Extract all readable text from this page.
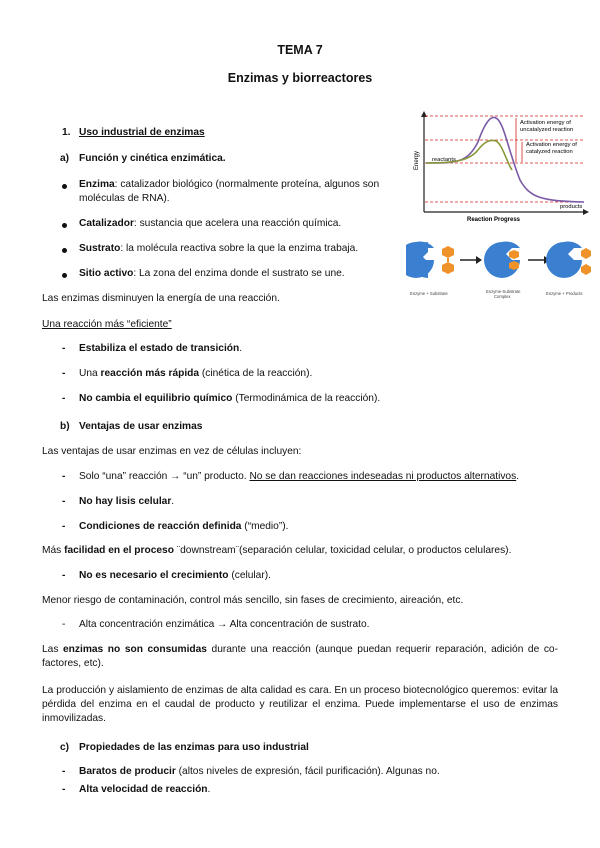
TEMA 7
Enzimas y biorreactores
1. Uso industrial de enzimas
a) Función y cinética enzimática.
Enzima: catalizador biológico (normalmente proteína, algunos son moléculas de RNA).
Catalizador: sustancia que acelera una reacción química.
Sustrato: la molécula reactiva sobre la que la enzima trabaja.
Sitio activo: La zona del enzima donde el sustrato se une.
Las enzimas disminuyen la energía de una reacción.
Una reacción más “eficiente”
- Estabiliza el estado de transición.
- Una reacción más rápida (cinética de la reacción).
- No cambia el equilibrio químico (Termodinámica de la reacción).
b) Ventajas de usar enzimas
Las ventajas de usar enzimas en vez de células incluyen:
- Solo “una” reacción → “un” producto. No se dan reacciones indeseadas ni productos alternativos.
- No hay lisis celular.
- Condiciones de reacción definida (“medio”).
Más facilidad en el proceso ¨downstream¨(separación celular, toxicidad celular, o productos celulares).
- No es necesario el crecimiento (celular).
Menor riesgo de contaminación, control más sencillo, sin fases de crecimiento, aireación, etc.
- Alta concentración enzimática → Alta concentración de sustrato.
Las enzimas no son consumidas durante una reacción (aunque puedan requerir reparación, adición de co- factores, etc).
La producción y aislamiento de enzimas de alta calidad es cara. En un proceso biotecnológico queremos: evitar la pérdida del enzima en el caudal de producto y reutilizar el enzima. Puede implementarse el uso de enzimas inmovilizadas.
c) Propiedades de las enzimas para uso industrial
- Baratos de producir (altos niveles de expresión, fácil purificación). Algunas no.
- Alta velocidad de reacción.
Energy
Reaction Progress
Activation energy of
uncatalyzed reaction
Activation energy of
catalyzed reaction
reactants
products
Enzyme + Substrate	Enzyme-Substrate
Complex
Enzyme + Products
